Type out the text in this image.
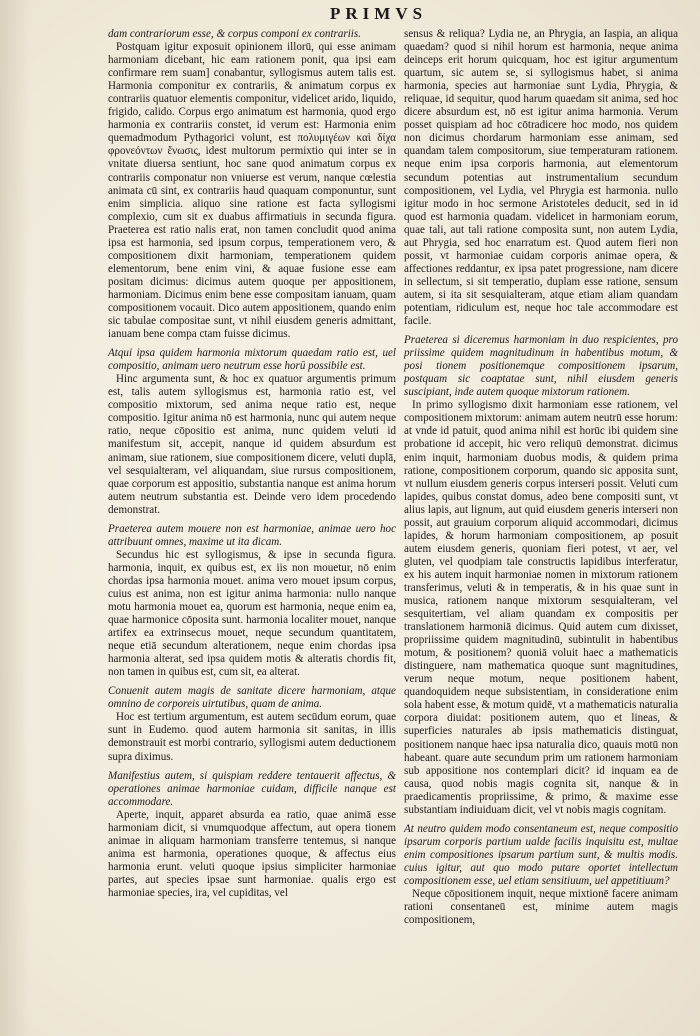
PRIMVS

dam contrariorum esse, & corpus componi ex contrariis.

Postquam igitur exposuit opinionem illorū, qui esse animam harmoniam dicebant, hic eam rationem ponit, qua ipsi eam confirmare rem suam] conabantur, syllogismus autem talis est. Harmonia componitur ex contrariis, & animatum corpus ex contrariis quatuor elementis componitur, videlicet arido, liquido, frigido, calido. Corpus ergo animatum est harmonia, quod ergo harmonia ex contrariis constet, id verum est: Harmonia enim quemadmodum Pythagorici volunt, est πολυμιγέων καὶ δίχα φρονεόντων ἕνωσις, idest multorum permixtio qui inter se in vnitate diuersa sentiunt, hoc sane quod animatum corpus ex contrariis componatur non vniuerse est verum, nanque cœlestia animata cū sint, ex contrariis haud quaquam componuntur, sunt enim simplicia. aliquo sine ratione est facta syllogismi complexio, cum sit ex duabus affirmatiuis in secunda figura. Praeterea est ratio nalis erat, non tamen concludit quod anima ipsa est harmonia, sed ipsum corpus, temperationem vero, & compositionem dixit harmoniam, temperationem quidem elementorum, bene enim vini, & aquae fusione esse eam positam dicimus: dicimus autem quoque per appositionem, harmoniam. Dicimus enim bene esse compositam ianuam, quam compositionem vocauit. Dico autem appositionem, quando enim sic tabulae compositae sunt, vt nihil eiusdem generis admittant, ianuam bene compa ctam fuisse dicimus.

Atqui ipsa quidem harmonia mixtorum quaedam ratio est, uel compositio, animam uero neutrum esse horū possibile est.

Hinc argumenta sunt, & hoc ex quatuor argumentis primum est, talis autem syllogismus est, harmonia ratio est, vel compositio mixtorum, sed anima neque ratio est, neque compositio. Igitur anima nō est harmonia, nunc qui autem neque ratio, neque cōpositio est anima, nunc quidem veluti id manifestum sit, accepit, nanque id quidem absurdum est animam, siue rationem, siue compositionem dicere, veluti duplā, vel sesquialteram, vel aliquandam, siue rursus compositionem, quae corporum est appositio, substantia nanque est anima horum autem neutrum substantia est. Deinde vero idem procedendo demonstrat.

Praeterea autem mouere non est harmoniae, animae uero hoc attribuunt omnes, maxime ut ita dicam.

Secundus hic est syllogismus, & ipse in secunda figura. harmonia, inquit, ex quibus est, ex iis non mouetur, nō enim chordas ipsa harmonia mouet. anima vero mouet ipsum corpus, cuius est anima, non est igitur anima harmonia: nullo nanque motu harmonia mouet ea, quorum est harmonia, neque enim ea, quae harmonice cōposita sunt. harmonia localiter mouet, nanque artifex ea extrinsecus mouet, neque secundum quantitatem, neque etiā secundum alterationem, neque enim chordas ipsa harmonia alterat, sed ipsa quidem motis & alteratis chordis fit, non tamen in quibus est, cum sit, ea alterat.

Conuenit autem magis de sanitate dicere harmoniam, atque omnino de corporeis uirtutibus, quam de anima.

Hoc est tertium argumentum, est autem secūdum eorum, quae sunt in Eudemo. quod autem harmonia sit sanitas, in illis demonstrauit est morbi contrario, syllogismi autem deductionem supra diximus.

Manifestius autem, si quispiam reddere tentauerit affectus, & operationes animae harmoniae cuidam, difficile nanque est accommodare.

Aperte, inquit, apparet absurda ea ratio, quae animā esse harmoniam dicit, si vnumquodque affectum, aut opera tionem animae in aliquam harmoniam transferre tentemus, si nanque anima est harmonia, operationes quoque, & affectus eius harmonia erunt. veluti quoque ipsius simpliciter harmoniae partes, aut species ipsae sunt harmoniae. qualis ergo est harmoniae species, ira, vel cupiditas, vel

sensus & reliqua? Lydia ne, an Phrygia, an Iaspia, an aliqua quaedam? quod si nihil horum est harmonia, neque anima deinceps erit horum quicquam, hoc est igitur argumentum quartum, sic autem se, si syllogismus habet, si anima harmonia, species aut harmoniae sunt Lydia, Phrygia, & reliquae, id sequitur, quod harum quaedam sit anima, sed hoc dicere absurdum est, nō est igitur anima harmonia. Verum posset quispiam ad hoc cōtradicere hoc modo, nos quidem non dicimus chordarum harmoniam esse animam, sed quandam talem compositorum, siue temperaturam rationem. neque enim ipsa corporis harmonia, aut elementorum secundum potentias aut instrumentalium secundum compositionem, vel Lydia, vel Phrygia est harmonia. nullo igitur modo in hoc sermone Aristoteles deducit, sed in id quod est harmonia quadam. videlicet in harmoniam eorum, quae tali, aut tali ratione composita sunt, non autem Lydia, aut Phrygia, sed hoc enarratum est. Quod autem fieri non possit, vt harmoniae cuidam corporis animae opera, & affectiones reddantur, ex ipsa patet progressione, nam dicere in sellectum, si sit temperatio, duplam esse ratione, sensum autem, si ita sit sesquialteram, atque etiam aliam quandam potentiam, ridiculum est, neque hoc tale accommodare est facile.

Praeterea si diceremus harmoniam in duo respicientes, pro priissime quidem magnitudinum in habentibus motum, & posi tionem positionemque compositionem ipsarum, postquam sic coaptatae sunt, nihil eiusdem generis suscipiant, inde autem quoque mixtorum rationem.

In primo syllogismo dixit harmoniam esse rationem, vel compositionem mixtorum: animam autem neutrū esse horum: at vnde id patuit, quod anima nihil est horūc ibi quidem sine probatione id accepit, hic vero reliquū demonstrat. dicimus enim inquit, harmoniam duobus modis, & quidem prima ratione, compositionem corporum, quando sic apposita sunt, vt nullum eiusdem generis corpus interseri possit. Veluti cum lapides, quibus constat domus, adeo bene compositi sunt, vt alius lapis, aut lignum, aut quid eiusdem generis interseri non possit, aut grauium corporum aliquid accommodari, dicimus lapides, & horum harmoniam compositionem, ap posuit autem eiusdem generis, quoniam fieri potest, vt aer, vel gluten, vel quodpiam tale constructis lapidibus interferatur, ex his autem inquit harmoniae nomen in mixtorum rationem transferimus, veluti & in temperatis, & in his quae sunt in musica, rationem nanque mixtorum sesquialteram, vel sesquitertiam, vel aliam quandam ex compositis per translationem harmoniā dicimus. Quid autem cum dixisset, propriissime quidem magnitudinū, subintulit in habentibus motum, & positionem? quoniā voluit haec a mathematicis distinguere, nam mathematica quoque sunt magnitudines, verum neque motum, neque positionem habent, quandoquidem neque subsistentiam, in consideratione enim sola habent esse, & motum quidē, vt a mathematicis naturalia corpora diuidat: positionem autem, quo et lineas, & superficies naturales ab ipsis mathematicis distinguat, positionem nanque haec ipsa naturalia dico, quauis motū non habeant. quare aute secundum prim um rationem harmoniam sub appositione nos contemplari dicit? id inquam ea de causa, quod nobis magis cognita sit, nanque & in praedicamentis propriissime, & primo, & maxime esse substantiam indiuiduam dicit, vel vt nobis magis cognitam.

At neutro quidem modo consentaneum est, neque compositio ipsarum corporis partium ualde facilis inquisitu est, multae enim compositiones ipsarum partium sunt, & multis modis. cuius igitur, aut quo modo putare oportet intellectum compositionem esse, uel etiam sensitiuum, uel appetitiuum?

Neque cōpositionem inquit, neque mixtionē facere animam rationi consentaneū est, minime autem magis compositionem,
